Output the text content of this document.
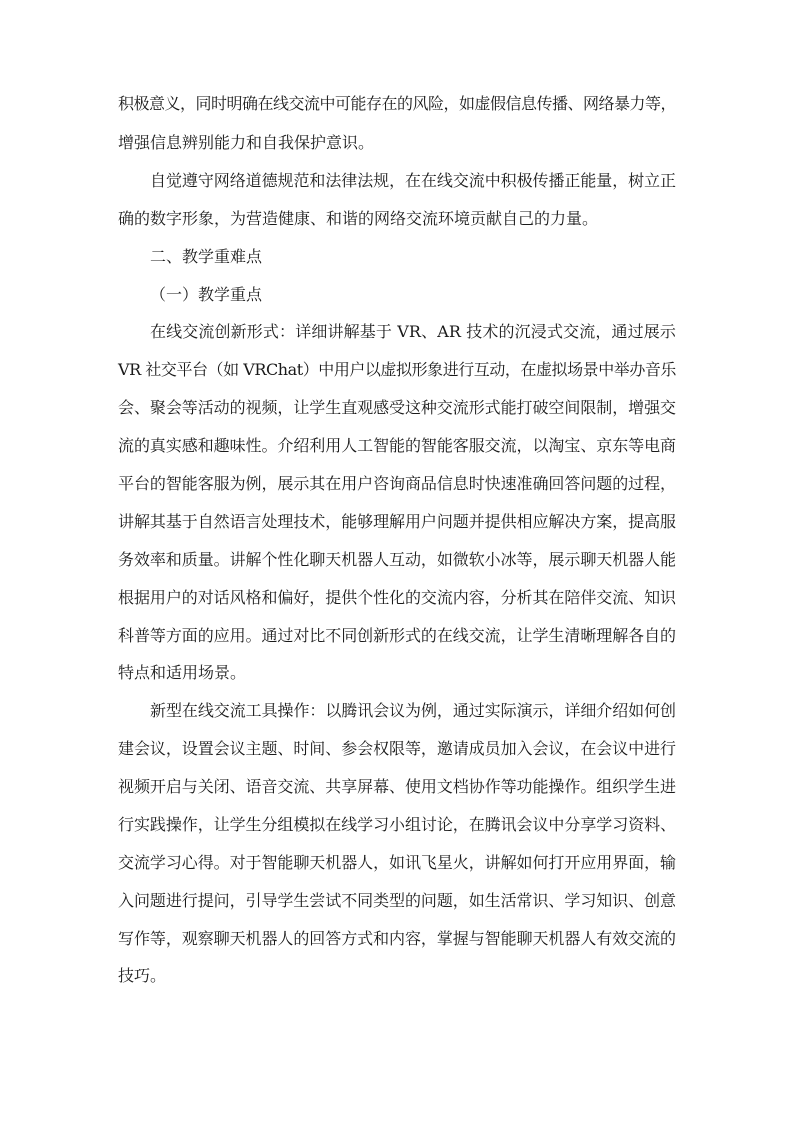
积极意义，同时明确在线交流中可能存在的风险，如虚假信息传播、网络暴力等，
增强信息辨别能力和自我保护意识。
自觉遵守网络道德规范和法律法规，在在线交流中积极传播正能量，树立正
确的数字形象，为营造健康、和谐的网络交流环境贡献自己的力量。
二、教学重难点
（一）教学重点
在线交流创新形式：详细讲解基于 VR、AR 技术的沉浸式交流，通过展示
VR 社交平台（如 VRChat）中用户以虚拟形象进行互动，在虚拟场景中举办音乐
会、聚会等活动的视频，让学生直观感受这种交流形式能打破空间限制，增强交
流的真实感和趣味性。介绍利用人工智能的智能客服交流，以淘宝、京东等电商
平台的智能客服为例，展示其在用户咨询商品信息时快速准确回答问题的过程，
讲解其基于自然语言处理技术，能够理解用户问题并提供相应解决方案，提高服
务效率和质量。讲解个性化聊天机器人互动，如微软小冰等，展示聊天机器人能
根据用户的对话风格和偏好，提供个性化的交流内容，分析其在陪伴交流、知识
科普等方面的应用。通过对比不同创新形式的在线交流，让学生清晰理解各自的
特点和适用场景。
新型在线交流工具操作：以腾讯会议为例，通过实际演示，详细介绍如何创
建会议，设置会议主题、时间、参会权限等，邀请成员加入会议，在会议中进行
视频开启与关闭、语音交流、共享屏幕、使用文档协作等功能操作。组织学生进
行实践操作，让学生分组模拟在线学习小组讨论，在腾讯会议中分享学习资料、
交流学习心得。对于智能聊天机器人，如讯飞星火，讲解如何打开应用界面，输
入问题进行提问，引导学生尝试不同类型的问题，如生活常识、学习知识、创意
写作等，观察聊天机器人的回答方式和内容，掌握与智能聊天机器人有效交流的
技巧。
